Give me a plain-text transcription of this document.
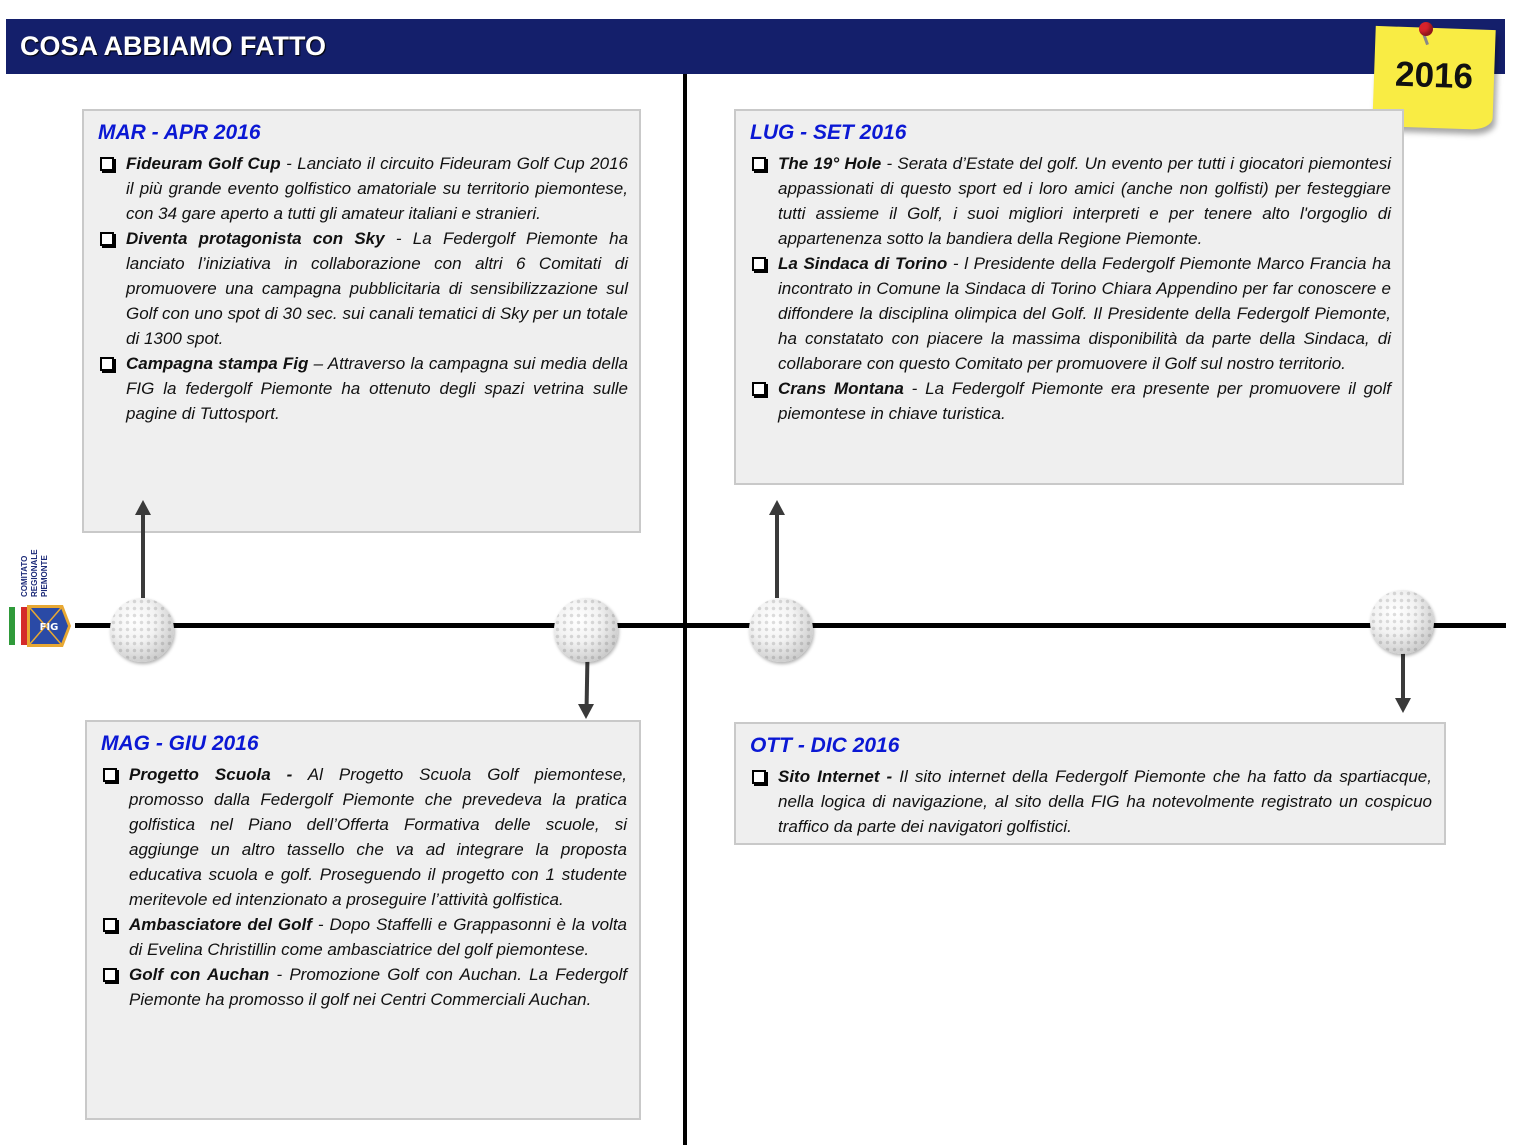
COSA ABBIAMO FATTO
2016
COMITATO REGIONALE PIEMONTE
FIG
MAR - APR 2016
Fideuram Golf Cup - Lanciato il circuito Fideuram Golf Cup 2016 il più grande evento golfistico amatoriale su territorio piemontese, con 34 gare aperto a tutti gli amateur italiani e stranieri.
Diventa protagonista con Sky - La Federgolf Piemonte ha lanciato l’iniziativa in collaborazione con altri 6 Comitati di promuovere una campagna pubblicitaria di sensibilizzazione sul Golf con uno spot di 30 sec. sui canali tematici di Sky per un totale di 1300 spot.
Campagna stampa Fig – Attraverso la campagna sui media della FIG la federgolf Piemonte ha ottenuto degli spazi vetrina sulle pagine di Tuttosport.
MAG - GIU 2016
Progetto Scuola - Al Progetto Scuola Golf piemontese, promosso dalla Federgolf Piemonte che prevedeva la pratica golfistica nel Piano dell’Offerta Formativa delle scuole, si aggiunge un altro tassello che va ad integrare la proposta educativa scuola e golf. Proseguendo il progetto con 1 studente meritevole ed intenzionato a proseguire l’attività golfistica.
Ambasciatore del Golf - Dopo Staffelli e Grappasonni è la volta di Evelina Christillin come ambasciatrice del golf piemontese.
Golf con Auchan - Promozione Golf con Auchan. La Federgolf Piemonte ha promosso il golf nei Centri Commerciali Auchan.
LUG - SET 2016
The 19° Hole - Serata d’Estate del golf. Un evento per tutti i giocatori piemontesi appassionati di questo sport ed i loro amici (anche non golfisti) per festeggiare tutti assieme il Golf, i suoi migliori interpreti e per tenere alto l'orgoglio di appartenenza sotto la bandiera della Regione Piemonte.
La Sindaca di Torino - l Presidente della Federgolf Piemonte Marco Francia ha incontrato in Comune la Sindaca di Torino Chiara Appendino per far conoscere e diffondere la disciplina olimpica del Golf. Il Presidente della Federgolf Piemonte, ha constatato con piacere la massima disponibilità da parte della Sindaca, di collaborare con questo Comitato per promuovere il Golf sul nostro territorio.
Crans Montana - La Federgolf Piemonte era presente per promuovere il golf piemontese in chiave turistica.
OTT - DIC 2016
Sito Internet - Il sito internet della Federgolf Piemonte che ha fatto da spartiacque, nella logica di navigazione, al sito della FIG ha notevolmente registrato un cospicuo traffico da parte dei navigatori golfistici.
